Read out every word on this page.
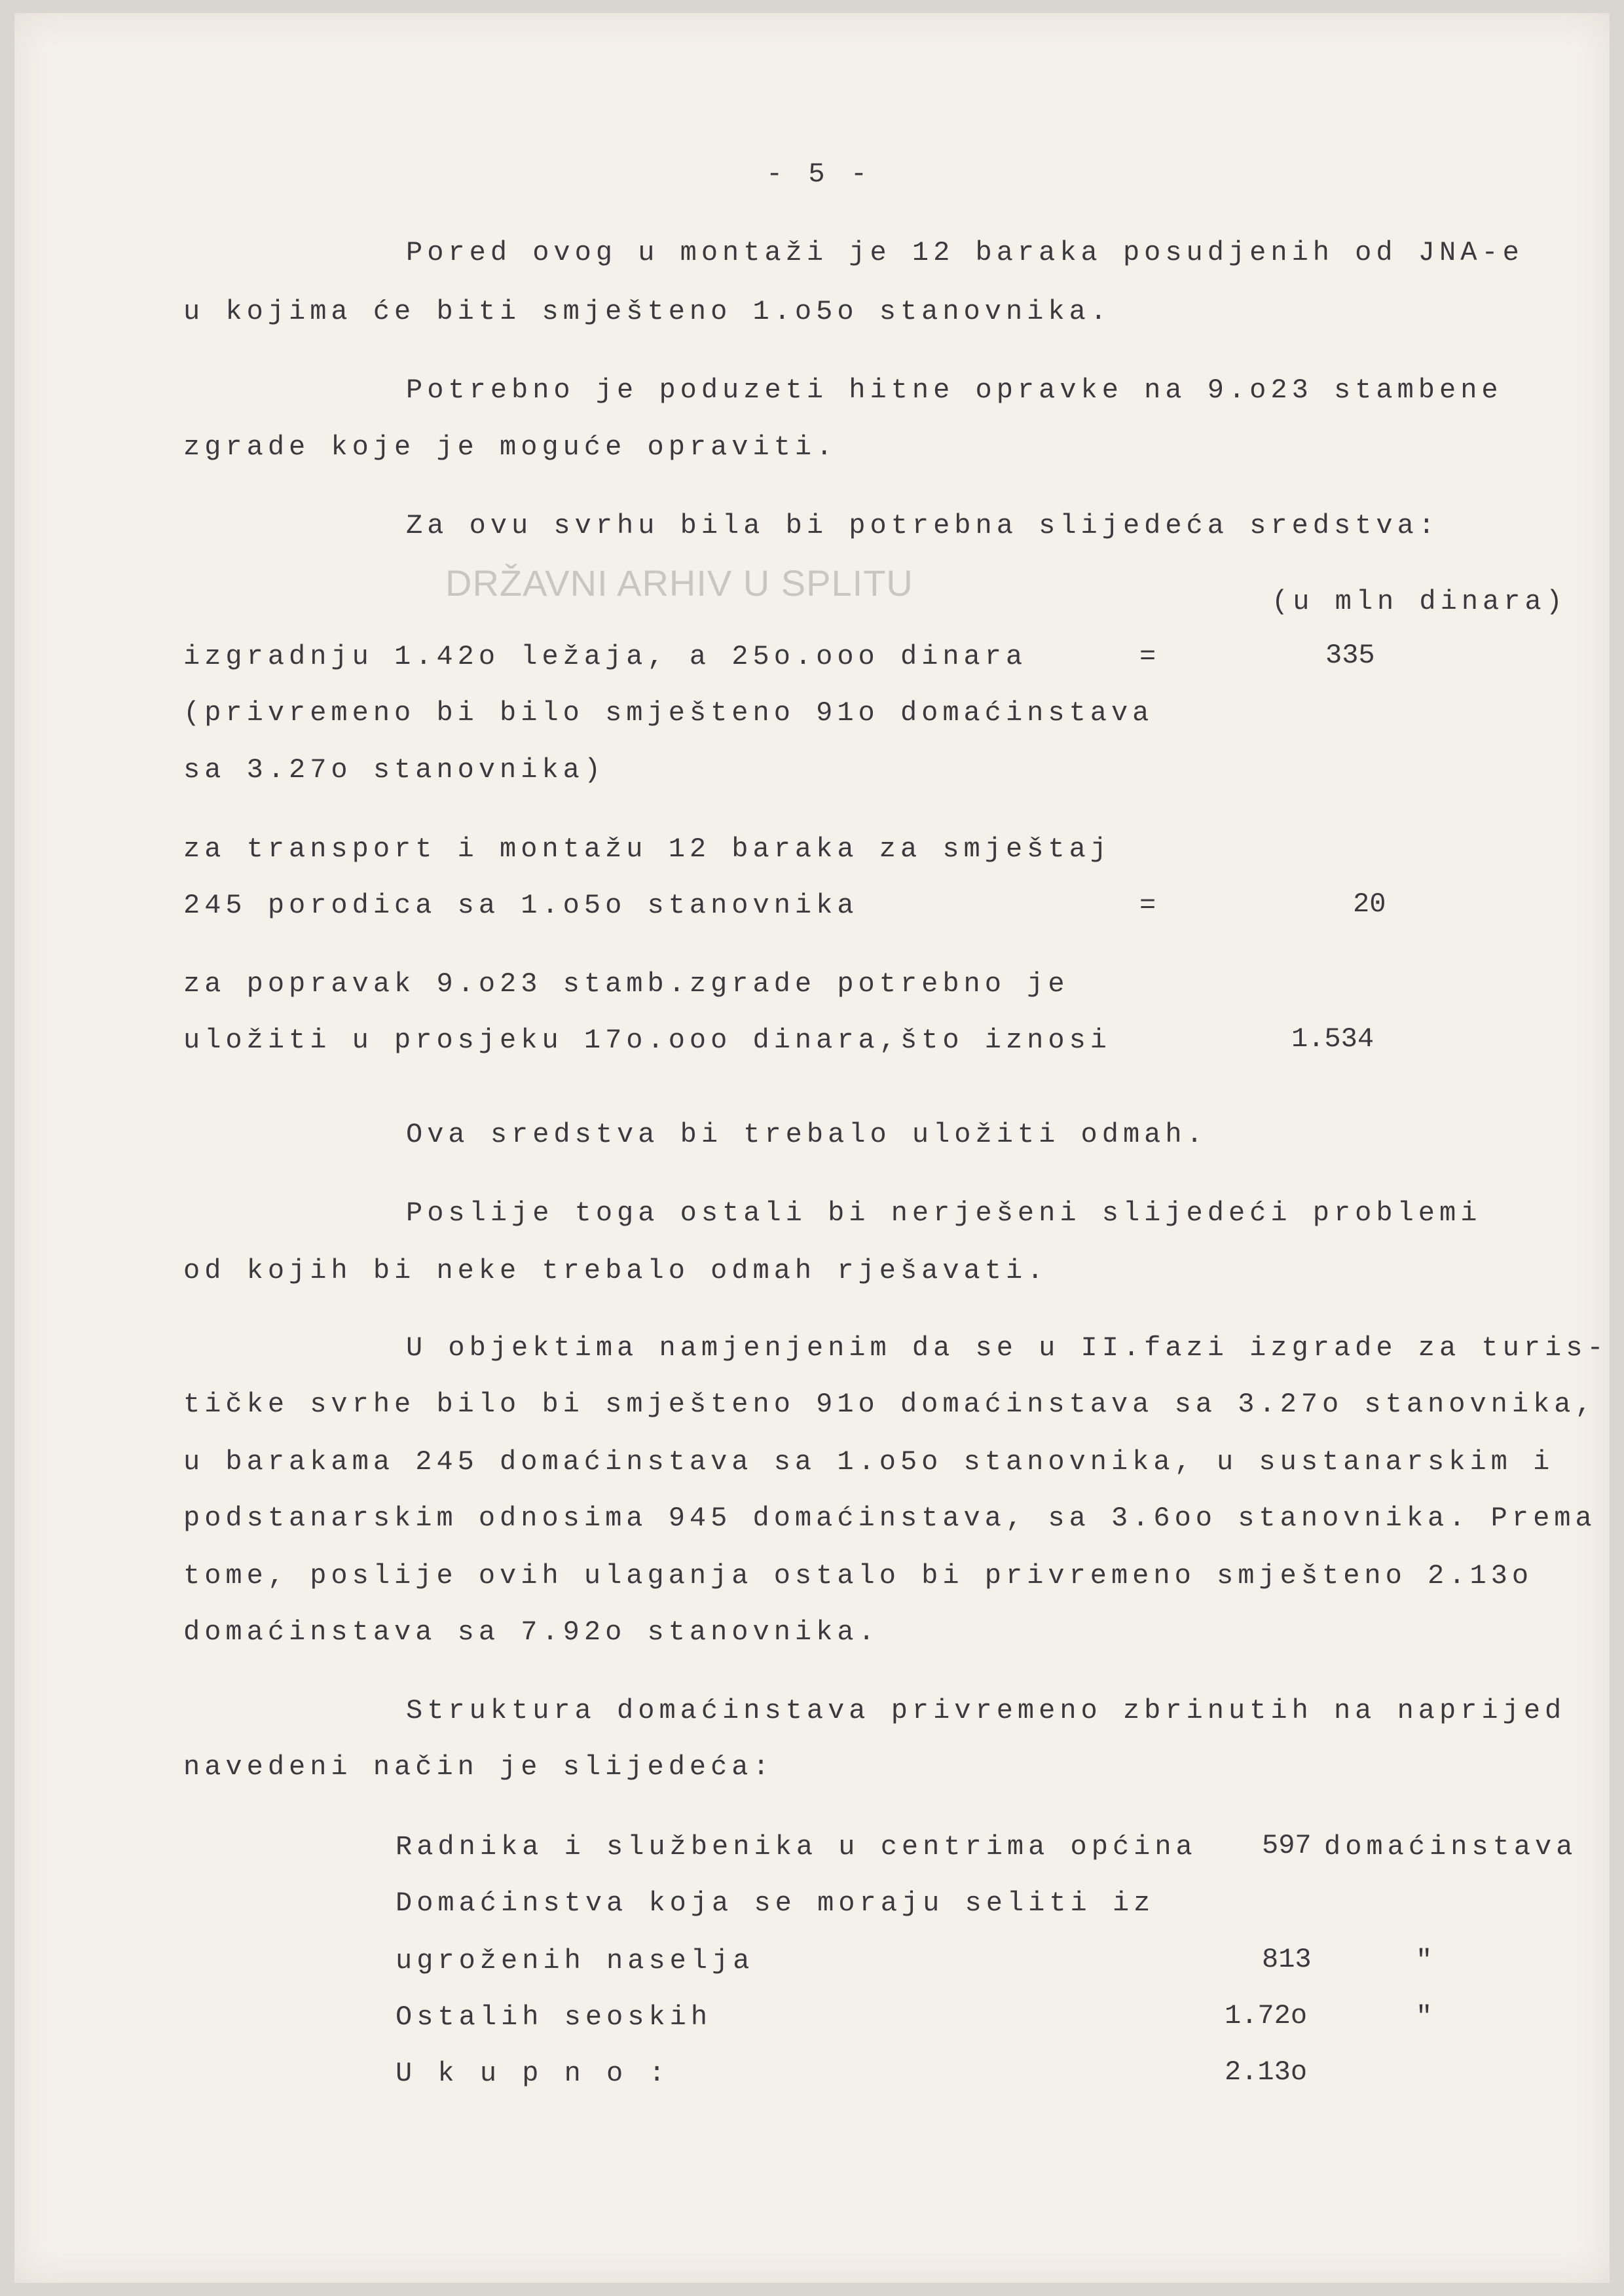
- 5 -
Pored ovog u montaži je 12 baraka posudjenih od JNA-e
u kojima će biti smješteno 1.o5o stanovnika.
Potrebno je poduzeti hitne opravke na 9.o23 stambene
zgrade koje je moguće opraviti.
Za ovu svrhu bila bi potrebna slijedeća sredstva:
DRŽAVNI ARHIV U SPLITU	(u mln dinara)
izgradnju 1.42o ležaja, a 25o.ooo dinara	=	335
(privremeno bi bilo smješteno 91o domaćinstava
sa 3.27o stanovnika)
za transport i montažu 12 baraka za smještaj
245 porodica sa 1.o5o stanovnika	=	20
za popravak 9.o23 stamb.zgrade potrebno je
uložiti u prosjeku 17o.ooo dinara,što iznosi	1.534
Ova sredstva bi trebalo uložiti odmah.
Poslije toga ostali bi nerješeni slijedeći problemi
od kojih bi neke trebalo odmah rješavati.
U objektima namjenjenim da se u II.fazi izgrade za turis-
tičke svrhe bilo bi smješteno 91o domaćinstava sa 3.27o stanovnika,
u barakama 245 domaćinstava sa 1.o5o stanovnika, u sustanarskim i
podstanarskim odnosima 945 domaćinstava, sa 3.6oo stanovnika. Prema
tome, poslije ovih ulaganja ostalo bi privremeno smješteno 2.13o
domaćinstava sa 7.92o stanovnika.
Struktura domaćinstava privremeno zbrinutih na naprijed
navedeni način je slijedeća:
Radnika i službenika u centrima općina 597 domaćinstava
Domaćinstva koja se moraju seliti iz
ugroženih naselja	813	"
Ostalih seoskih	1.72o	"
U k u p n o :	2.13o
